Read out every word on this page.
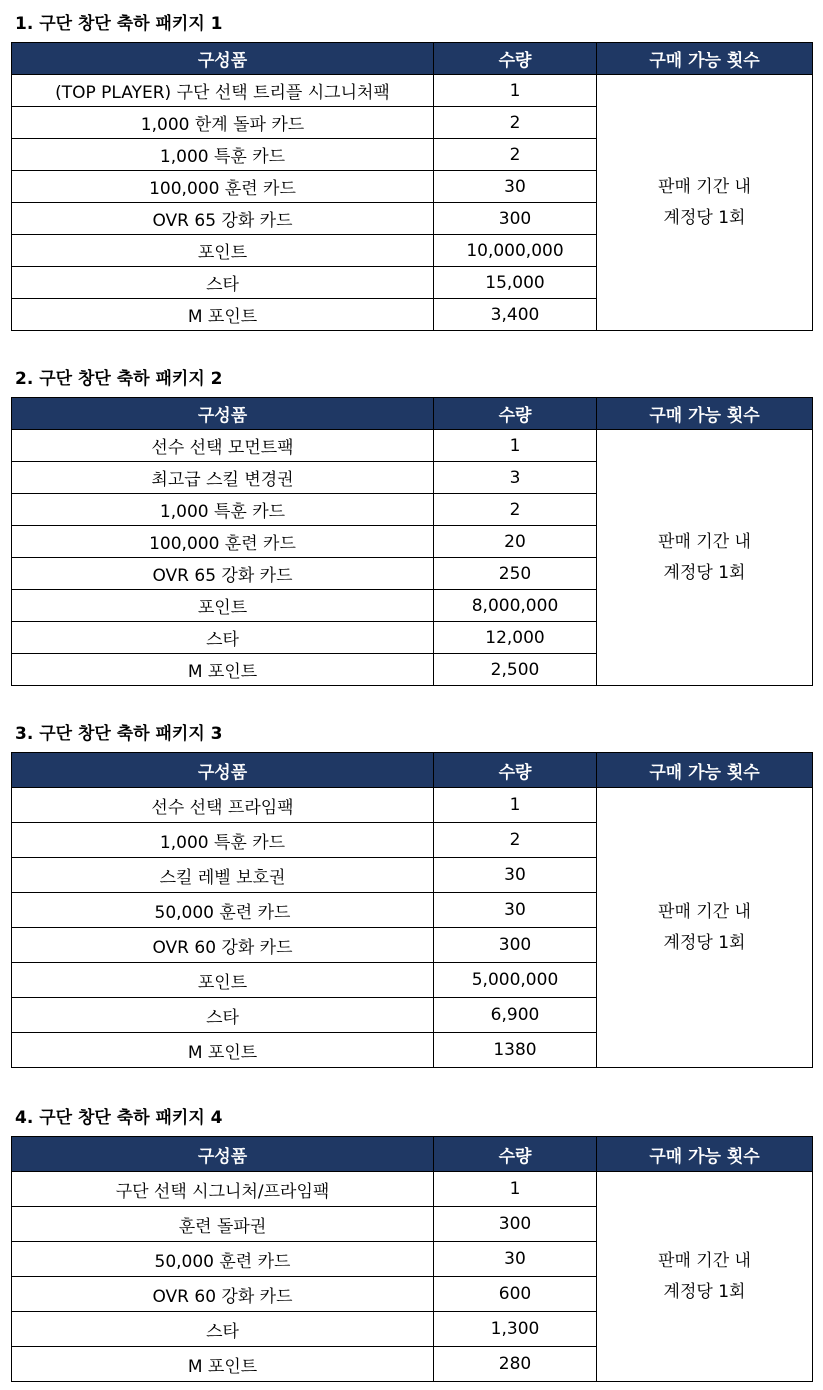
1. 구단 창단 축하 패키지 1
구성품	수량	구매 가능 횟수
(TOP PLAYER) 구단 선택 트리플 시그니처팩	1	판매 기간 내
계정당 1회

1,000 한계 돌파 카드	2	
1,000 특훈 카드	2	
100,000 훈련 카드	30	
OVR 65 강화 카드	300	
포인트	10,000,000	
스타	15,000	
M 포인트	3,400	
2. 구단 창단 축하 패키지 2
구성품	수량	구매 가능 횟수
선수 선택 모먼트팩	1	판매 기간 내
계정당 1회

최고급 스킬 변경권	3	
1,000 특훈 카드	2	
100,000 훈련 카드	20	
OVR 65 강화 카드	250	
포인트	8,000,000	
스타	12,000	
M 포인트	2,500	
3. 구단 창단 축하 패키지 3
구성품	수량	구매 가능 횟수
선수 선택 프라임팩	1	판매 기간 내
계정당 1회

1,000 특훈 카드	2	
스킬 레벨 보호권	30	
50,000 훈련 카드	30	
OVR 60 강화 카드	300	
포인트	5,000,000	
스타	6,900	
M 포인트	1380	
4. 구단 창단 축하 패키지 4
구성품	수량	구매 가능 횟수
구단 선택 시그니처/프라임팩	1	판매 기간 내
계정당 1회

훈련 돌파권	300	
50,000 훈련 카드	30	
OVR 60 강화 카드	600	
스타	1,300	
M 포인트	280	
